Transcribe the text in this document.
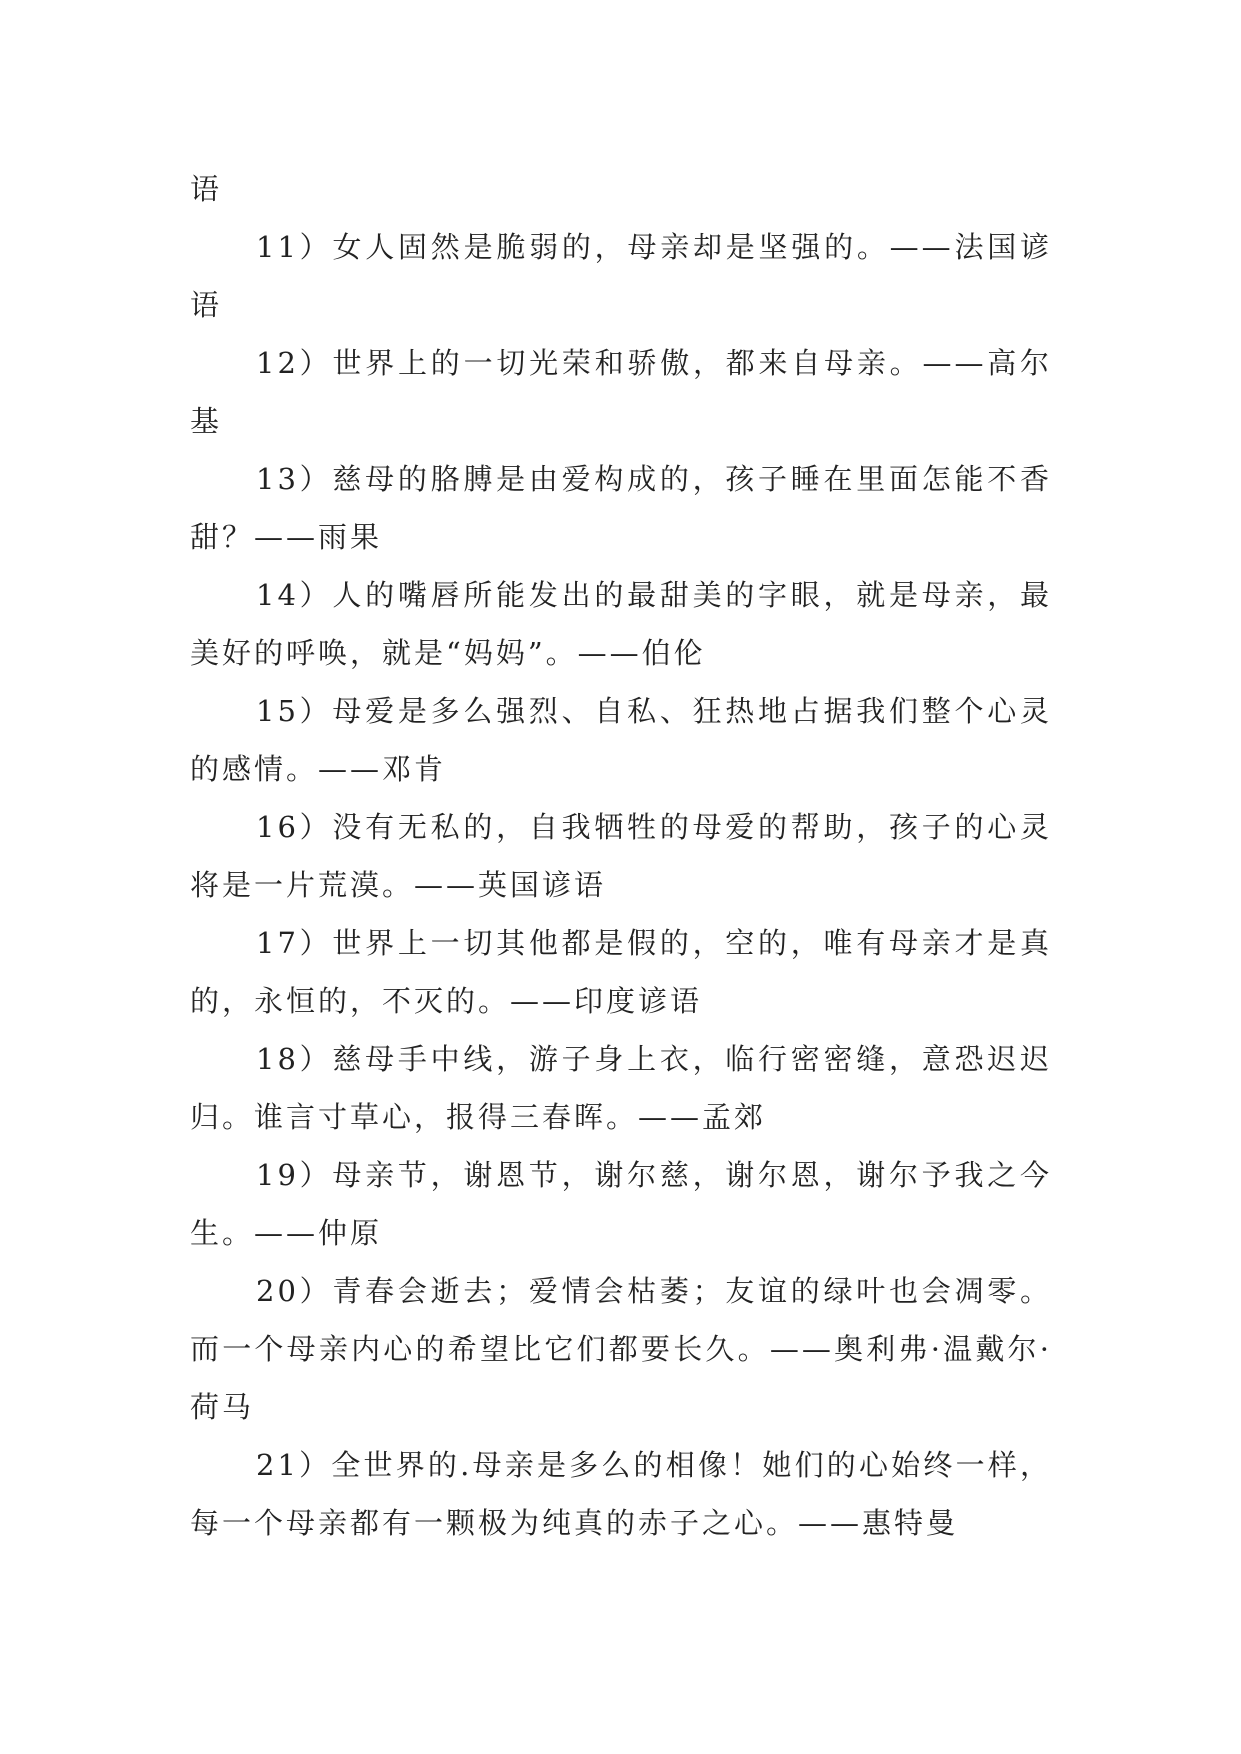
语

11）女人固然是脆弱的，母亲却是坚强的。——法国谚语

12）世界上的一切光荣和骄傲，都来自母亲。——高尔基

13）慈母的胳膊是由爱构成的，孩子睡在里面怎能不香甜？——雨果

14）人的嘴唇所能发出的最甜美的字眼，就是母亲，最美好的呼唤，就是“妈妈”。——伯伦

15）母爱是多么强烈、自私、狂热地占据我们整个心灵的感情。——邓肯

16）没有无私的，自我牺牲的母爱的帮助，孩子的心灵将是一片荒漠。——英国谚语

17）世界上一切其他都是假的，空的，唯有母亲才是真的，永恒的，不灭的。——印度谚语

18）慈母手中线，游子身上衣，临行密密缝，意恐迟迟归。谁言寸草心，报得三春晖。——孟郊

19）母亲节，谢恩节，谢尔慈，谢尔恩，谢尔予我之今生。——仲原

20）青春会逝去；爱情会枯萎；友谊的绿叶也会凋零。而一个母亲内心的希望比它们都要长久。——奥利弗·温戴尔·荷马

21）全世界的.母亲是多么的相像！她们的心始终一样，每一个母亲都有一颗极为纯真的赤子之心。——惠特曼
